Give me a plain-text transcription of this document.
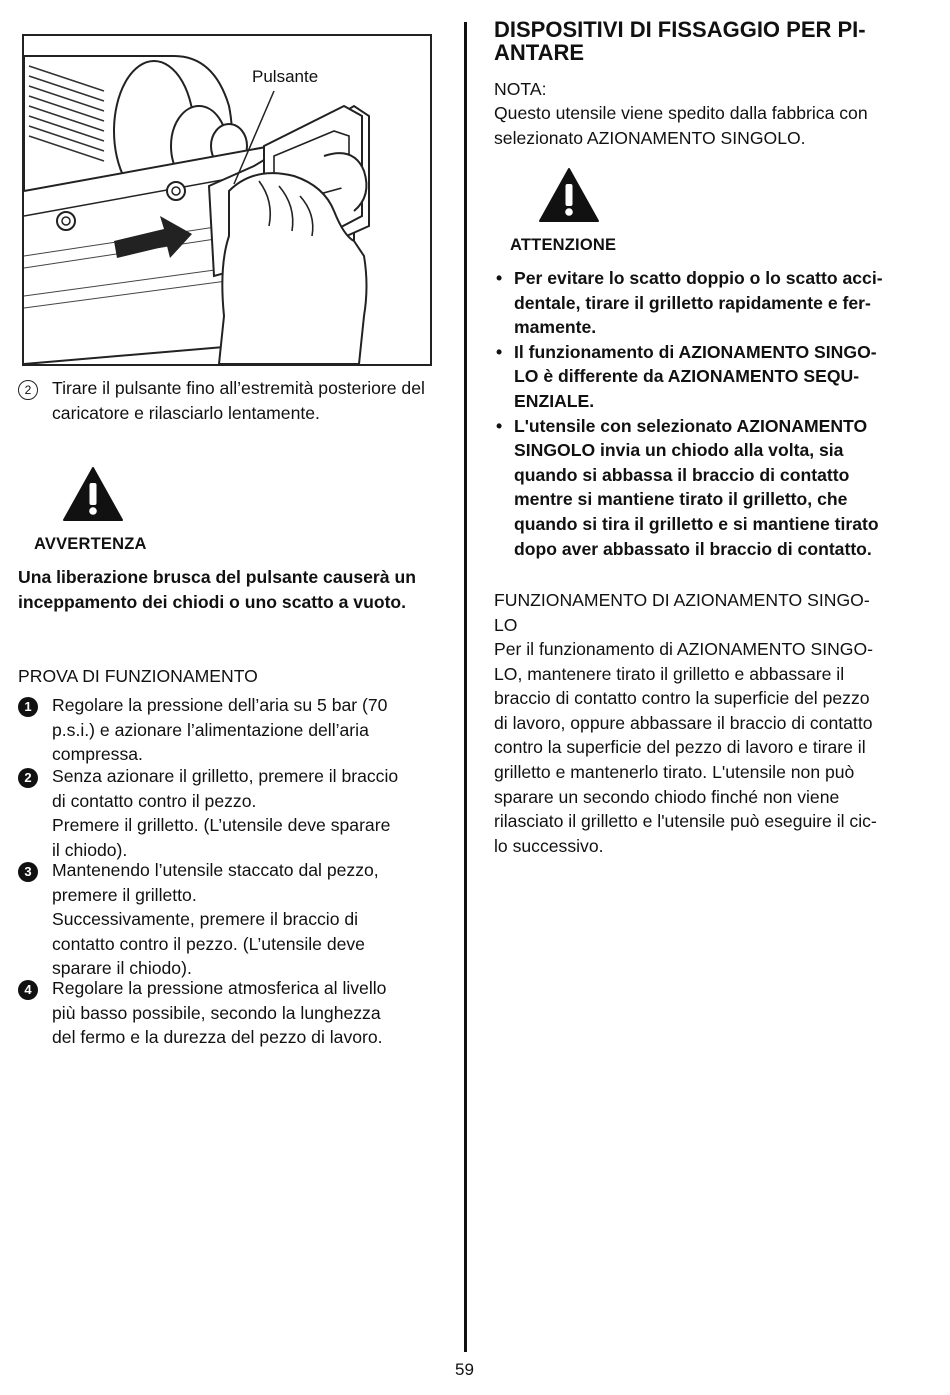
Pulsante
2	Tirare il pulsante fino all’estremità posteriore del caricatore e rilasciarlo lentamente.
AVVERTENZA
Una liberazione brusca del pulsante causerà un inceppamento dei chiodi o uno scatto a vuoto.
PROVA DI FUNZIONAMENTO
1	Regolare la pressione dell’aria su 5 bar (70
p.s.i.) e azionare l’alimentazione dell’aria
compressa.
2	Senza azionare il grilletto, premere il braccio
di contatto contro il pezzo.
Premere il grilletto. (L’utensile deve sparare
il chiodo).
3	Mantenendo l’utensile staccato dal pezzo,
premere il grilletto.
Successivamente, premere il braccio di
contatto contro il pezzo. (L’utensile deve
sparare il chiodo).
4	Regolare la pressione atmosferica al livello
più basso possibile, secondo la lunghezza
del fermo e la durezza del pezzo di lavoro.
DISPOSITIVI DI FISSAGGIO PER PI-
ANTARE
NOTA:
Questo utensile viene spedito dalla fabbrica con
selezionato AZIONAMENTO SINGOLO.
ATTENZIONE
• Per evitare lo scatto doppio o lo scatto acci-
dentale, tirare il grilletto rapidamente e fer-
mamente.
• Il funzionamento di AZIONAMENTO SINGO-
LO è differente da AZIONAMENTO SEQU-
ENZIALE.
• L'utensile con selezionato AZIONAMENTO
SINGOLO invia un chiodo alla volta, sia
quando si abbassa il braccio di contatto
mentre si mantiene tirato il grilletto, che
quando si tira il grilletto e si mantiene tirato
dopo aver abbassato il braccio di contatto.
FUNZIONAMENTO DI AZIONAMENTO SINGO-
LO
Per il funzionamento di AZIONAMENTO SINGO-
LO, mantenere tirato il grilletto e abbassare il
braccio di contatto contro la superficie del pezzo
di lavoro, oppure abbassare il braccio di contatto
contro la superficie del pezzo di lavoro e tirare il
grilletto e mantenerlo tirato. L'utensile non può
sparare un secondo chiodo finché non viene
rilasciato il grilletto e l'utensile può eseguire il cic-
lo successivo.
59
